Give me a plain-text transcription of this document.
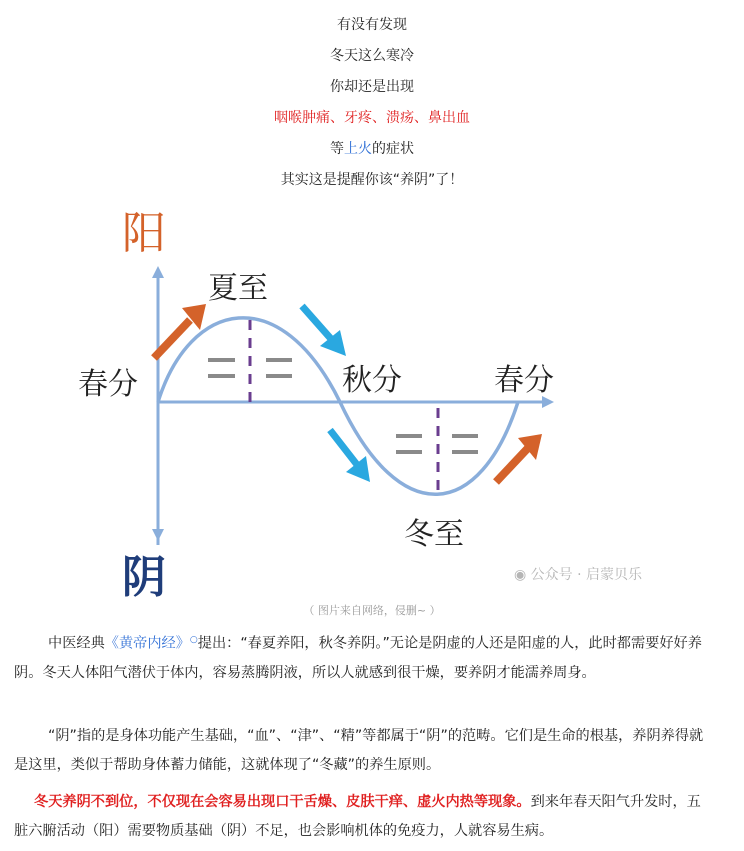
有没有发现
冬天这么寒冷
你却还是出现
咽喉肿痛、牙疼、溃疡、鼻出血
等上火的症状
其实这是提醒你该“养阴”了！
阳
阴
夏至
春分	秋分	春分
冬至
◉ 公众号 · 启蒙贝乐
（ 图片来自网络，侵删~ ）
中医经典《黄帝内经》○提出：“春夏养阳，秋冬养阴。”无论是阴虚的人还是阳虚的人，此时都需要好好养阴。冬天人体阳气潜伏于体内，容易蒸腾阴液，所以人就感到很干燥，要养阴才能濡养周身。
“阴”指的是身体功能产生基础，“血”、“津”、“精”等都属于“阴”的范畴。它们是生命的根基，养阴养得就是这里，类似于帮助身体蓄力储能，这就体现了“冬藏”的养生原则。
冬天养阴不到位，不仅现在会容易出现口干舌燥、皮肤干痒、虚火内热等现象。到来年春天阳气升发时，五脏六腑活动（阳）需要物质基础（阴）不足，也会影响机体的免疫力，人就容易生病。
